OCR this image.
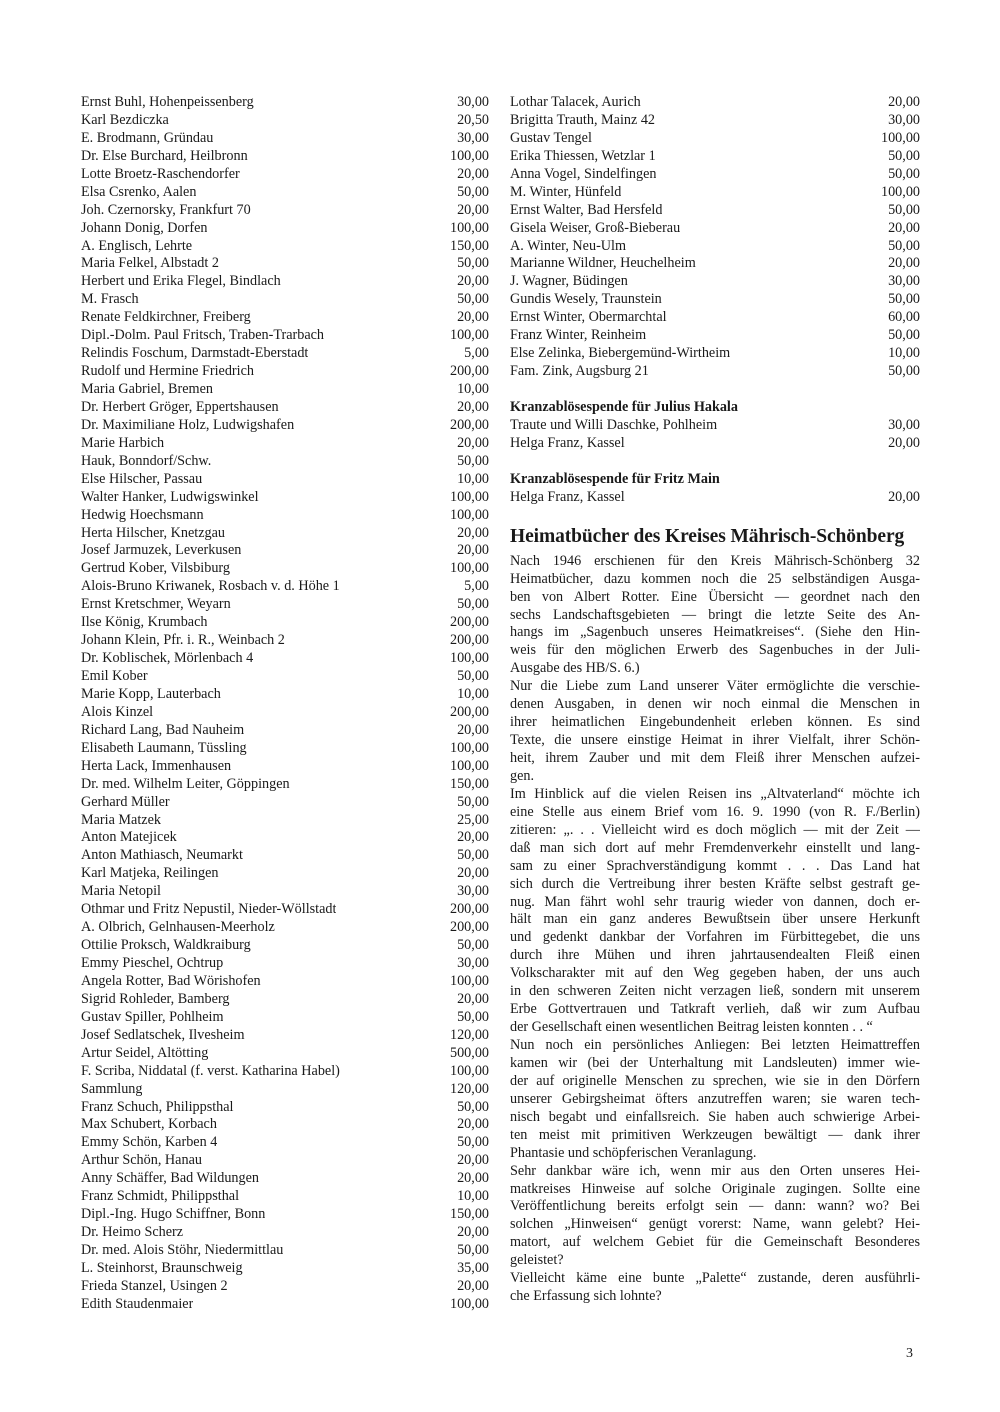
Ernst Buhl, Hohenpeissenberg	30,00
Karl Bezdiczka	20,50
E. Brodmann, Gründau	30,00
Dr. Else Burchard, Heilbronn	100,00
Lotte Broetz-Raschendorfer	20,00
Elsa Csrenko, Aalen	50,00
Joh. Czernorsky, Frankfurt 70	20,00
Johann Donig, Dorfen	100,00
A. Englisch, Lehrte	150,00
Maria Felkel, Albstadt 2	50,00
Herbert und Erika Flegel, Bindlach	20,00
M. Frasch	50,00
Renate Feldkirchner, Freiberg	20,00
Dipl.-Dolm. Paul Fritsch, Traben-Trarbach	100,00
Relindis Foschum, Darmstadt-Eberstadt	5,00
Rudolf und Hermine Friedrich	200,00
Maria Gabriel, Bremen	10,00
Dr. Herbert Gröger, Eppertshausen	20,00
Dr. Maximiliane Holz, Ludwigshafen	200,00
Marie Harbich	20,00
Hauk, Bonndorf/Schw.	50,00
Else Hilscher, Passau	10,00
Walter Hanker, Ludwigswinkel	100,00
Hedwig Hoechsmann	100,00
Herta Hilscher, Knetzgau	20,00
Josef Jarmuzek, Leverkusen	20,00
Gertrud Kober, Vilsbiburg	100,00
Alois-Bruno Kriwanek, Rosbach v. d. Höhe 1	5,00
Ernst Kretschmer, Weyarn	50,00
Ilse König, Krumbach	200,00
Johann Klein, Pfr. i. R., Weinbach 2	200,00
Dr. Koblischek, Mörlenbach 4	100,00
Emil Kober	50,00
Marie Kopp, Lauterbach	10,00
Alois Kinzel	200,00
Richard Lang, Bad Nauheim	20,00
Elisabeth Laumann, Tüssling	100,00
Herta Lack, Immenhausen	100,00
Dr. med. Wilhelm Leiter, Göppingen	150,00
Gerhard Müller	50,00
Maria Matzek	25,00
Anton Matejicek	20,00
Anton Mathiasch, Neumarkt	50,00
Karl Matjeka, Reilingen	20,00
Maria Netopil	30,00
Othmar und Fritz Nepustil, Nieder-Wöllstadt	200,00
A. Olbrich, Gelnhausen-Meerholz	200,00
Ottilie Proksch, Waldkraiburg	50,00
Emmy Pieschel, Ochtrup	30,00
Angela Rotter, Bad Wörishofen	100,00
Sigrid Rohleder, Bamberg	20,00
Gustav Spiller, Pohlheim	50,00
Josef Sedlatschek, Ilvesheim	120,00
Artur Seidel, Altötting	500,00
F. Scriba, Niddatal (f. verst. Katharina Habel)	100,00
Sammlung	120,00
Franz Schuch, Philippsthal	50,00
Max Schubert, Korbach	20,00
Emmy Schön, Karben 4	50,00
Arthur Schön, Hanau	20,00
Anny Schäffer, Bad Wildungen	20,00
Franz Schmidt, Philippsthal	10,00
Dipl.-Ing. Hugo Schiffner, Bonn	150,00
Dr. Heimo Scherz	20,00
Dr. med. Alois Stöhr, Niedermittlau	50,00
L. Steinhorst, Braunschweig	35,00
Frieda Stanzel, Usingen 2	20,00
Edith Staudenmaier	100,00
Lothar Talacek, Aurich	20,00
Brigitta Trauth, Mainz 42	30,00
Gustav Tengel	100,00
Erika Thiessen, Wetzlar 1	50,00
Anna Vogel, Sindelfingen	50,00
M. Winter, Hünfeld	100,00
Ernst Walter, Bad Hersfeld	50,00
Gisela Weiser, Groß-Bieberau	20,00
A. Winter, Neu-Ulm	50,00
Marianne Wildner, Heuchelheim	20,00
J. Wagner, Büdingen	30,00
Gundis Wesely, Traunstein	50,00
Ernst Winter, Obermarchtal	60,00
Franz Winter, Reinheim	50,00
Else Zelinka, Biebergemünd-Wirtheim	10,00
Fam. Zink, Augsburg 21	50,00
Kranzablösespende für Julius Hakala
Traute und Willi Daschke, Pohlheim	30,00
Helga Franz, Kassel	20,00
Kranzablösespende für Fritz Main
Helga Franz, Kassel	20,00
Heimatbücher des Kreises Mährisch-Schönberg
Nach 1946 erschienen für den Kreis Mährisch-Schönberg 32
Heimatbücher, dazu kommen noch die 25 selbständigen Ausga-
ben von Albert Rotter. Eine Übersicht — geordnet nach den
sechs Landschaftsgebieten — bringt die letzte Seite des An-
hangs im „Sagenbuch unseres Heimatkreises“. (Siehe den Hin-
weis für den möglichen Erwerb des Sagenbuches in der Juli-
Ausgabe des HB/S. 6.)
Nur die Liebe zum Land unserer Väter ermöglichte die verschie-
denen Ausgaben, in denen wir noch einmal die Menschen in
ihrer heimatlichen Eingebundenheit erleben können. Es sind
Texte, die unsere einstige Heimat in ihrer Vielfalt, ihrer Schön-
heit, ihrem Zauber und mit dem Fleiß ihrer Menschen aufzei-
gen.
Im Hinblick auf die vielen Reisen ins „Altvaterland“ möchte ich
eine Stelle aus einem Brief vom 16. 9. 1990 (von R. F./Berlin)
zitieren: „. . . Vielleicht wird es doch möglich — mit der Zeit —
daß man sich dort auf mehr Fremdenverkehr einstellt und lang-
sam zu einer Sprachverständigung kommt . . . Das Land hat
sich durch die Vertreibung ihrer besten Kräfte selbst gestraft ge-
nug. Man fährt wohl sehr traurig wieder von dannen, doch er-
hält man ein ganz anderes Bewußtsein über unsere Herkunft
und gedenkt dankbar der Vorfahren im Fürbittegebet, die uns
durch ihre Mühen und ihren jahrtausendealten Fleiß einen
Volkscharakter mit auf den Weg gegeben haben, der uns auch
in den schweren Zeiten nicht verzagen ließ, sondern mit unserem
Erbe Gottvertrauen und Tatkraft verlieh, daß wir zum Aufbau
der Gesellschaft einen wesentlichen Beitrag leisten konnten . . “
Nun noch ein persönliches Anliegen: Bei letzten Heimattreffen
kamen wir (bei der Unterhaltung mit Landsleuten) immer wie-
der auf originelle Menschen zu sprechen, wie sie in den Dörfern
unserer Gebirgsheimat öfters anzutreffen waren; sie waren tech-
nisch begabt und einfallsreich. Sie haben auch schwierige Arbei-
ten meist mit primitiven Werkzeugen bewältigt — dank ihrer
Phantasie und schöpferischen Veranlagung.
Sehr dankbar wäre ich, wenn mir aus den Orten unseres Hei-
matkreises Hinweise auf solche Originale zugingen. Sollte eine
Veröffentlichung bereits erfolgt sein — dann: wann? wo? Bei
solchen „Hinweisen“ genügt vorerst: Name, wann gelebt? Hei-
matort, auf welchem Gebiet für die Gemeinschaft Besonderes
geleistet?
Vielleicht käme eine bunte „Palette“ zustande, deren ausführli-
che Erfassung sich lohnte?
3
